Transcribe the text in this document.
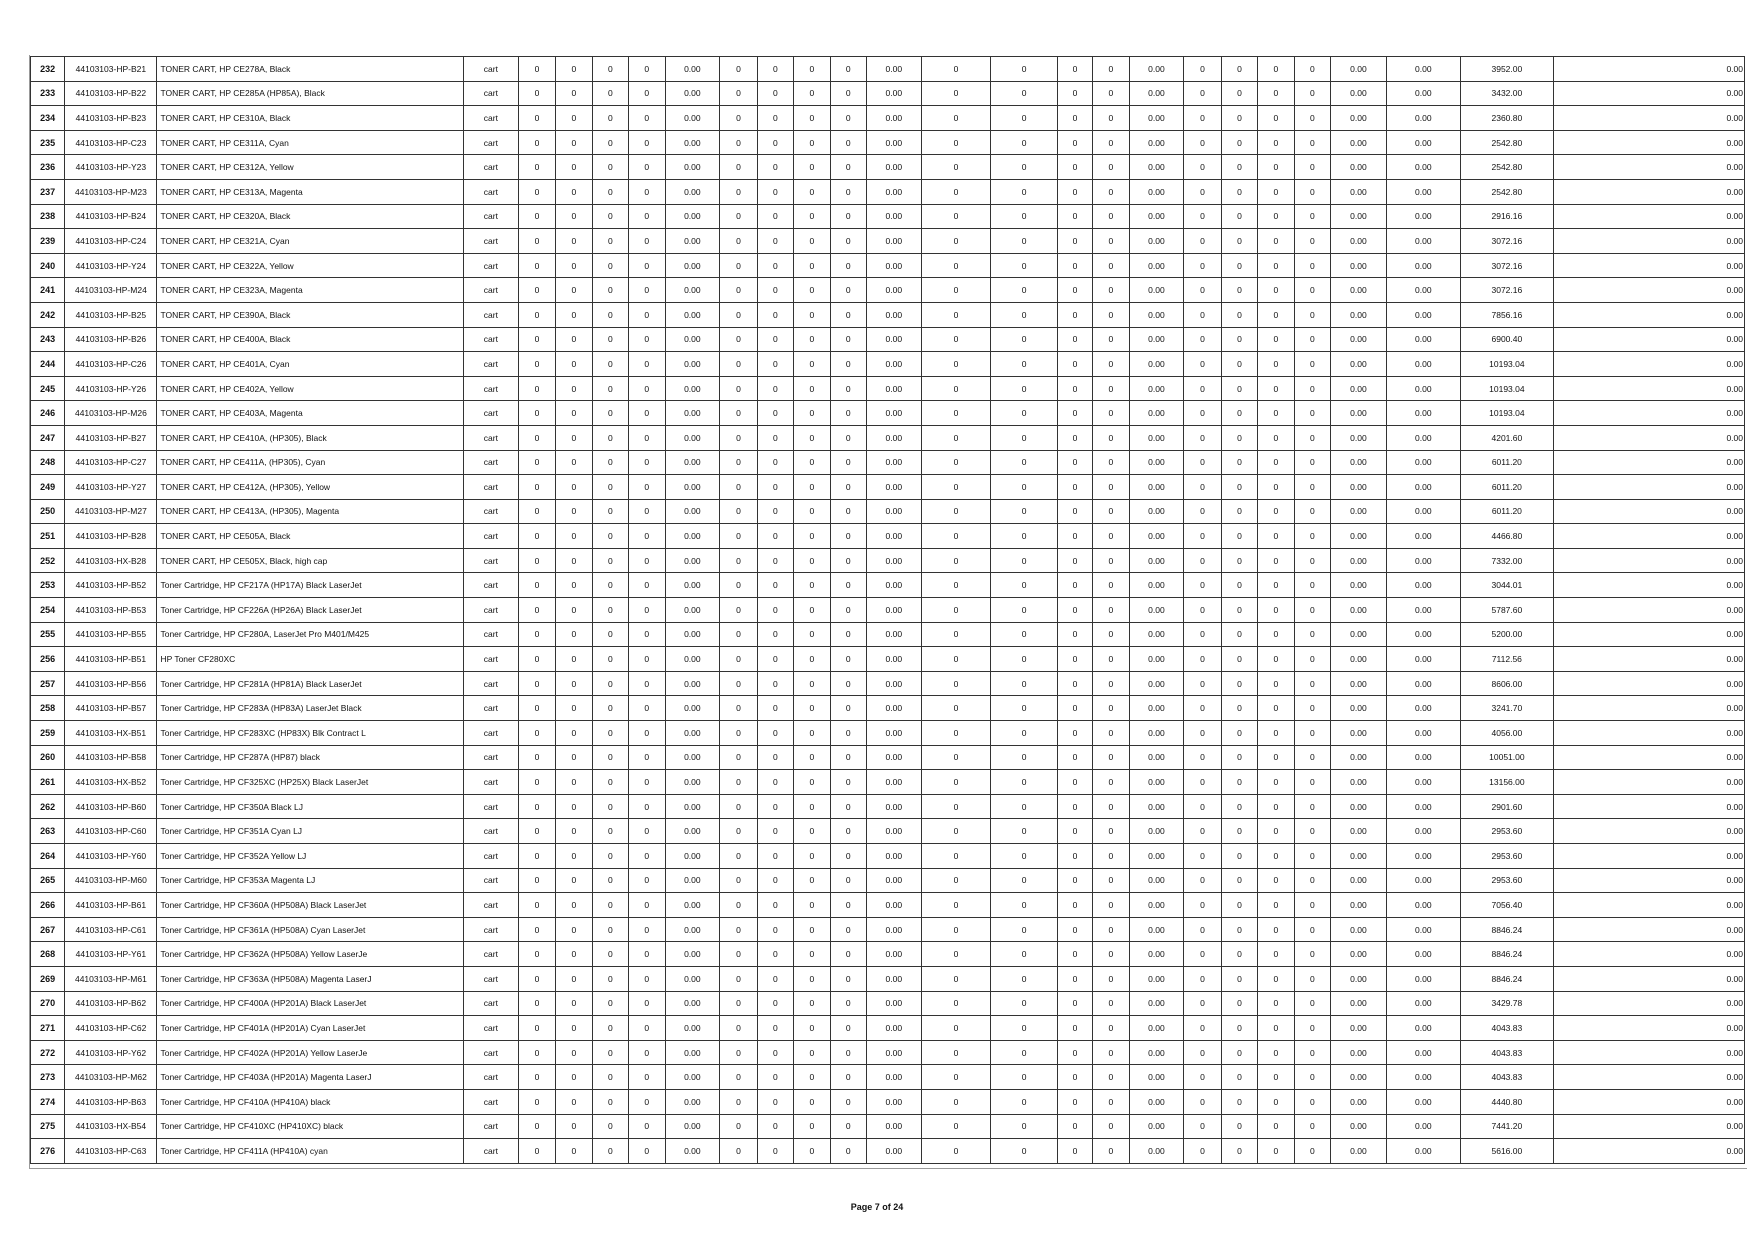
232	44103103-HP-B21	TONER CART, HP CE278A, Black	cart	0	0	0	0	0.00	0	0	0	0	0.00	0	0	0	0	0.00	0	0	0	0	0.00	0.00	3952.00	0.00
233	44103103-HP-B22	TONER CART, HP CE285A (HP85A), Black	cart	0	0	0	0	0.00	0	0	0	0	0.00	0	0	0	0	0.00	0	0	0	0	0.00	0.00	3432.00	0.00
234	44103103-HP-B23	TONER CART, HP CE310A, Black	cart	0	0	0	0	0.00	0	0	0	0	0.00	0	0	0	0	0.00	0	0	0	0	0.00	0.00	2360.80	0.00
235	44103103-HP-C23	TONER CART, HP CE311A, Cyan	cart	0	0	0	0	0.00	0	0	0	0	0.00	0	0	0	0	0.00	0	0	0	0	0.00	0.00	2542.80	0.00
236	44103103-HP-Y23	TONER CART, HP CE312A, Yellow	cart	0	0	0	0	0.00	0	0	0	0	0.00	0	0	0	0	0.00	0	0	0	0	0.00	0.00	2542.80	0.00
237	44103103-HP-M23	TONER CART, HP CE313A, Magenta	cart	0	0	0	0	0.00	0	0	0	0	0.00	0	0	0	0	0.00	0	0	0	0	0.00	0.00	2542.80	0.00
238	44103103-HP-B24	TONER CART, HP CE320A, Black	cart	0	0	0	0	0.00	0	0	0	0	0.00	0	0	0	0	0.00	0	0	0	0	0.00	0.00	2916.16	0.00
239	44103103-HP-C24	TONER CART, HP CE321A, Cyan	cart	0	0	0	0	0.00	0	0	0	0	0.00	0	0	0	0	0.00	0	0	0	0	0.00	0.00	3072.16	0.00
240	44103103-HP-Y24	TONER CART, HP CE322A, Yellow	cart	0	0	0	0	0.00	0	0	0	0	0.00	0	0	0	0	0.00	0	0	0	0	0.00	0.00	3072.16	0.00
241	44103103-HP-M24	TONER CART, HP CE323A, Magenta	cart	0	0	0	0	0.00	0	0	0	0	0.00	0	0	0	0	0.00	0	0	0	0	0.00	0.00	3072.16	0.00
242	44103103-HP-B25	TONER CART, HP CE390A, Black	cart	0	0	0	0	0.00	0	0	0	0	0.00	0	0	0	0	0.00	0	0	0	0	0.00	0.00	7856.16	0.00
243	44103103-HP-B26	TONER CART, HP CE400A, Black	cart	0	0	0	0	0.00	0	0	0	0	0.00	0	0	0	0	0.00	0	0	0	0	0.00	0.00	6900.40	0.00
244	44103103-HP-C26	TONER CART, HP CE401A, Cyan	cart	0	0	0	0	0.00	0	0	0	0	0.00	0	0	0	0	0.00	0	0	0	0	0.00	0.00	10193.04	0.00
245	44103103-HP-Y26	TONER CART, HP CE402A, Yellow	cart	0	0	0	0	0.00	0	0	0	0	0.00	0	0	0	0	0.00	0	0	0	0	0.00	0.00	10193.04	0.00
246	44103103-HP-M26	TONER CART, HP CE403A, Magenta	cart	0	0	0	0	0.00	0	0	0	0	0.00	0	0	0	0	0.00	0	0	0	0	0.00	0.00	10193.04	0.00
247	44103103-HP-B27	TONER CART, HP CE410A, (HP305), Black	cart	0	0	0	0	0.00	0	0	0	0	0.00	0	0	0	0	0.00	0	0	0	0	0.00	0.00	4201.60	0.00
248	44103103-HP-C27	TONER CART, HP CE411A, (HP305), Cyan	cart	0	0	0	0	0.00	0	0	0	0	0.00	0	0	0	0	0.00	0	0	0	0	0.00	0.00	6011.20	0.00
249	44103103-HP-Y27	TONER CART, HP CE412A, (HP305), Yellow	cart	0	0	0	0	0.00	0	0	0	0	0.00	0	0	0	0	0.00	0	0	0	0	0.00	0.00	6011.20	0.00
250	44103103-HP-M27	TONER CART, HP CE413A, (HP305), Magenta	cart	0	0	0	0	0.00	0	0	0	0	0.00	0	0	0	0	0.00	0	0	0	0	0.00	0.00	6011.20	0.00
251	44103103-HP-B28	TONER CART, HP CE505A, Black	cart	0	0	0	0	0.00	0	0	0	0	0.00	0	0	0	0	0.00	0	0	0	0	0.00	0.00	4466.80	0.00
252	44103103-HX-B28	TONER CART, HP CE505X, Black, high cap	cart	0	0	0	0	0.00	0	0	0	0	0.00	0	0	0	0	0.00	0	0	0	0	0.00	0.00	7332.00	0.00
253	44103103-HP-B52	Toner Cartridge, HP CF217A (HP17A) Black LaserJet	cart	0	0	0	0	0.00	0	0	0	0	0.00	0	0	0	0	0.00	0	0	0	0	0.00	0.00	3044.01	0.00
254	44103103-HP-B53	Toner Cartridge, HP CF226A (HP26A) Black LaserJet	cart	0	0	0	0	0.00	0	0	0	0	0.00	0	0	0	0	0.00	0	0	0	0	0.00	0.00	5787.60	0.00
255	44103103-HP-B55	Toner Cartridge, HP CF280A, LaserJet Pro M401/M425	cart	0	0	0	0	0.00	0	0	0	0	0.00	0	0	0	0	0.00	0	0	0	0	0.00	0.00	5200.00	0.00
256	44103103-HP-B51	HP Toner CF280XC	cart	0	0	0	0	0.00	0	0	0	0	0.00	0	0	0	0	0.00	0	0	0	0	0.00	0.00	7112.56	0.00
257	44103103-HP-B56	Toner Cartridge, HP CF281A (HP81A) Black LaserJet	cart	0	0	0	0	0.00	0	0	0	0	0.00	0	0	0	0	0.00	0	0	0	0	0.00	0.00	8606.00	0.00
258	44103103-HP-B57	Toner Cartridge, HP CF283A (HP83A) LaserJet Black	cart	0	0	0	0	0.00	0	0	0	0	0.00	0	0	0	0	0.00	0	0	0	0	0.00	0.00	3241.70	0.00
259	44103103-HX-B51	Toner Cartridge, HP CF283XC (HP83X) Blk Contract L	cart	0	0	0	0	0.00	0	0	0	0	0.00	0	0	0	0	0.00	0	0	0	0	0.00	0.00	4056.00	0.00
260	44103103-HP-B58	Toner Cartridge, HP CF287A (HP87) black	cart	0	0	0	0	0.00	0	0	0	0	0.00	0	0	0	0	0.00	0	0	0	0	0.00	0.00	10051.00	0.00
261	44103103-HX-B52	Toner Cartridge, HP CF325XC (HP25X) Black LaserJet	cart	0	0	0	0	0.00	0	0	0	0	0.00	0	0	0	0	0.00	0	0	0	0	0.00	0.00	13156.00	0.00
262	44103103-HP-B60	Toner Cartridge, HP CF350A Black LJ	cart	0	0	0	0	0.00	0	0	0	0	0.00	0	0	0	0	0.00	0	0	0	0	0.00	0.00	2901.60	0.00
263	44103103-HP-C60	Toner Cartridge, HP CF351A Cyan LJ	cart	0	0	0	0	0.00	0	0	0	0	0.00	0	0	0	0	0.00	0	0	0	0	0.00	0.00	2953.60	0.00
264	44103103-HP-Y60	Toner Cartridge, HP CF352A Yellow LJ	cart	0	0	0	0	0.00	0	0	0	0	0.00	0	0	0	0	0.00	0	0	0	0	0.00	0.00	2953.60	0.00
265	44103103-HP-M60	Toner Cartridge, HP CF353A Magenta LJ	cart	0	0	0	0	0.00	0	0	0	0	0.00	0	0	0	0	0.00	0	0	0	0	0.00	0.00	2953.60	0.00
266	44103103-HP-B61	Toner Cartridge, HP CF360A (HP508A) Black LaserJet	cart	0	0	0	0	0.00	0	0	0	0	0.00	0	0	0	0	0.00	0	0	0	0	0.00	0.00	7056.40	0.00
267	44103103-HP-C61	Toner Cartridge, HP CF361A (HP508A) Cyan LaserJet	cart	0	0	0	0	0.00	0	0	0	0	0.00	0	0	0	0	0.00	0	0	0	0	0.00	0.00	8846.24	0.00
268	44103103-HP-Y61	Toner Cartridge, HP CF362A (HP508A) Yellow LaserJe	cart	0	0	0	0	0.00	0	0	0	0	0.00	0	0	0	0	0.00	0	0	0	0	0.00	0.00	8846.24	0.00
269	44103103-HP-M61	Toner Cartridge, HP CF363A (HP508A) Magenta LaserJ	cart	0	0	0	0	0.00	0	0	0	0	0.00	0	0	0	0	0.00	0	0	0	0	0.00	0.00	8846.24	0.00
270	44103103-HP-B62	Toner Cartridge, HP CF400A (HP201A) Black LaserJet	cart	0	0	0	0	0.00	0	0	0	0	0.00	0	0	0	0	0.00	0	0	0	0	0.00	0.00	3429.78	0.00
271	44103103-HP-C62	Toner Cartridge, HP CF401A (HP201A) Cyan LaserJet	cart	0	0	0	0	0.00	0	0	0	0	0.00	0	0	0	0	0.00	0	0	0	0	0.00	0.00	4043.83	0.00
272	44103103-HP-Y62	Toner Cartridge, HP CF402A (HP201A) Yellow LaserJe	cart	0	0	0	0	0.00	0	0	0	0	0.00	0	0	0	0	0.00	0	0	0	0	0.00	0.00	4043.83	0.00
273	44103103-HP-M62	Toner Cartridge, HP CF403A (HP201A) Magenta LaserJ	cart	0	0	0	0	0.00	0	0	0	0	0.00	0	0	0	0	0.00	0	0	0	0	0.00	0.00	4043.83	0.00
274	44103103-HP-B63	Toner Cartridge, HP CF410A (HP410A) black	cart	0	0	0	0	0.00	0	0	0	0	0.00	0	0	0	0	0.00	0	0	0	0	0.00	0.00	4440.80	0.00
275	44103103-HX-B54	Toner Cartridge, HP CF410XC (HP410XC) black	cart	0	0	0	0	0.00	0	0	0	0	0.00	0	0	0	0	0.00	0	0	0	0	0.00	0.00	7441.20	0.00
276	44103103-HP-C63	Toner Cartridge, HP CF411A (HP410A) cyan	cart	0	0	0	0	0.00	0	0	0	0	0.00	0	0	0	0	0.00	0	0	0	0	0.00	0.00	5616.00	0.00
Page 7 of 24
